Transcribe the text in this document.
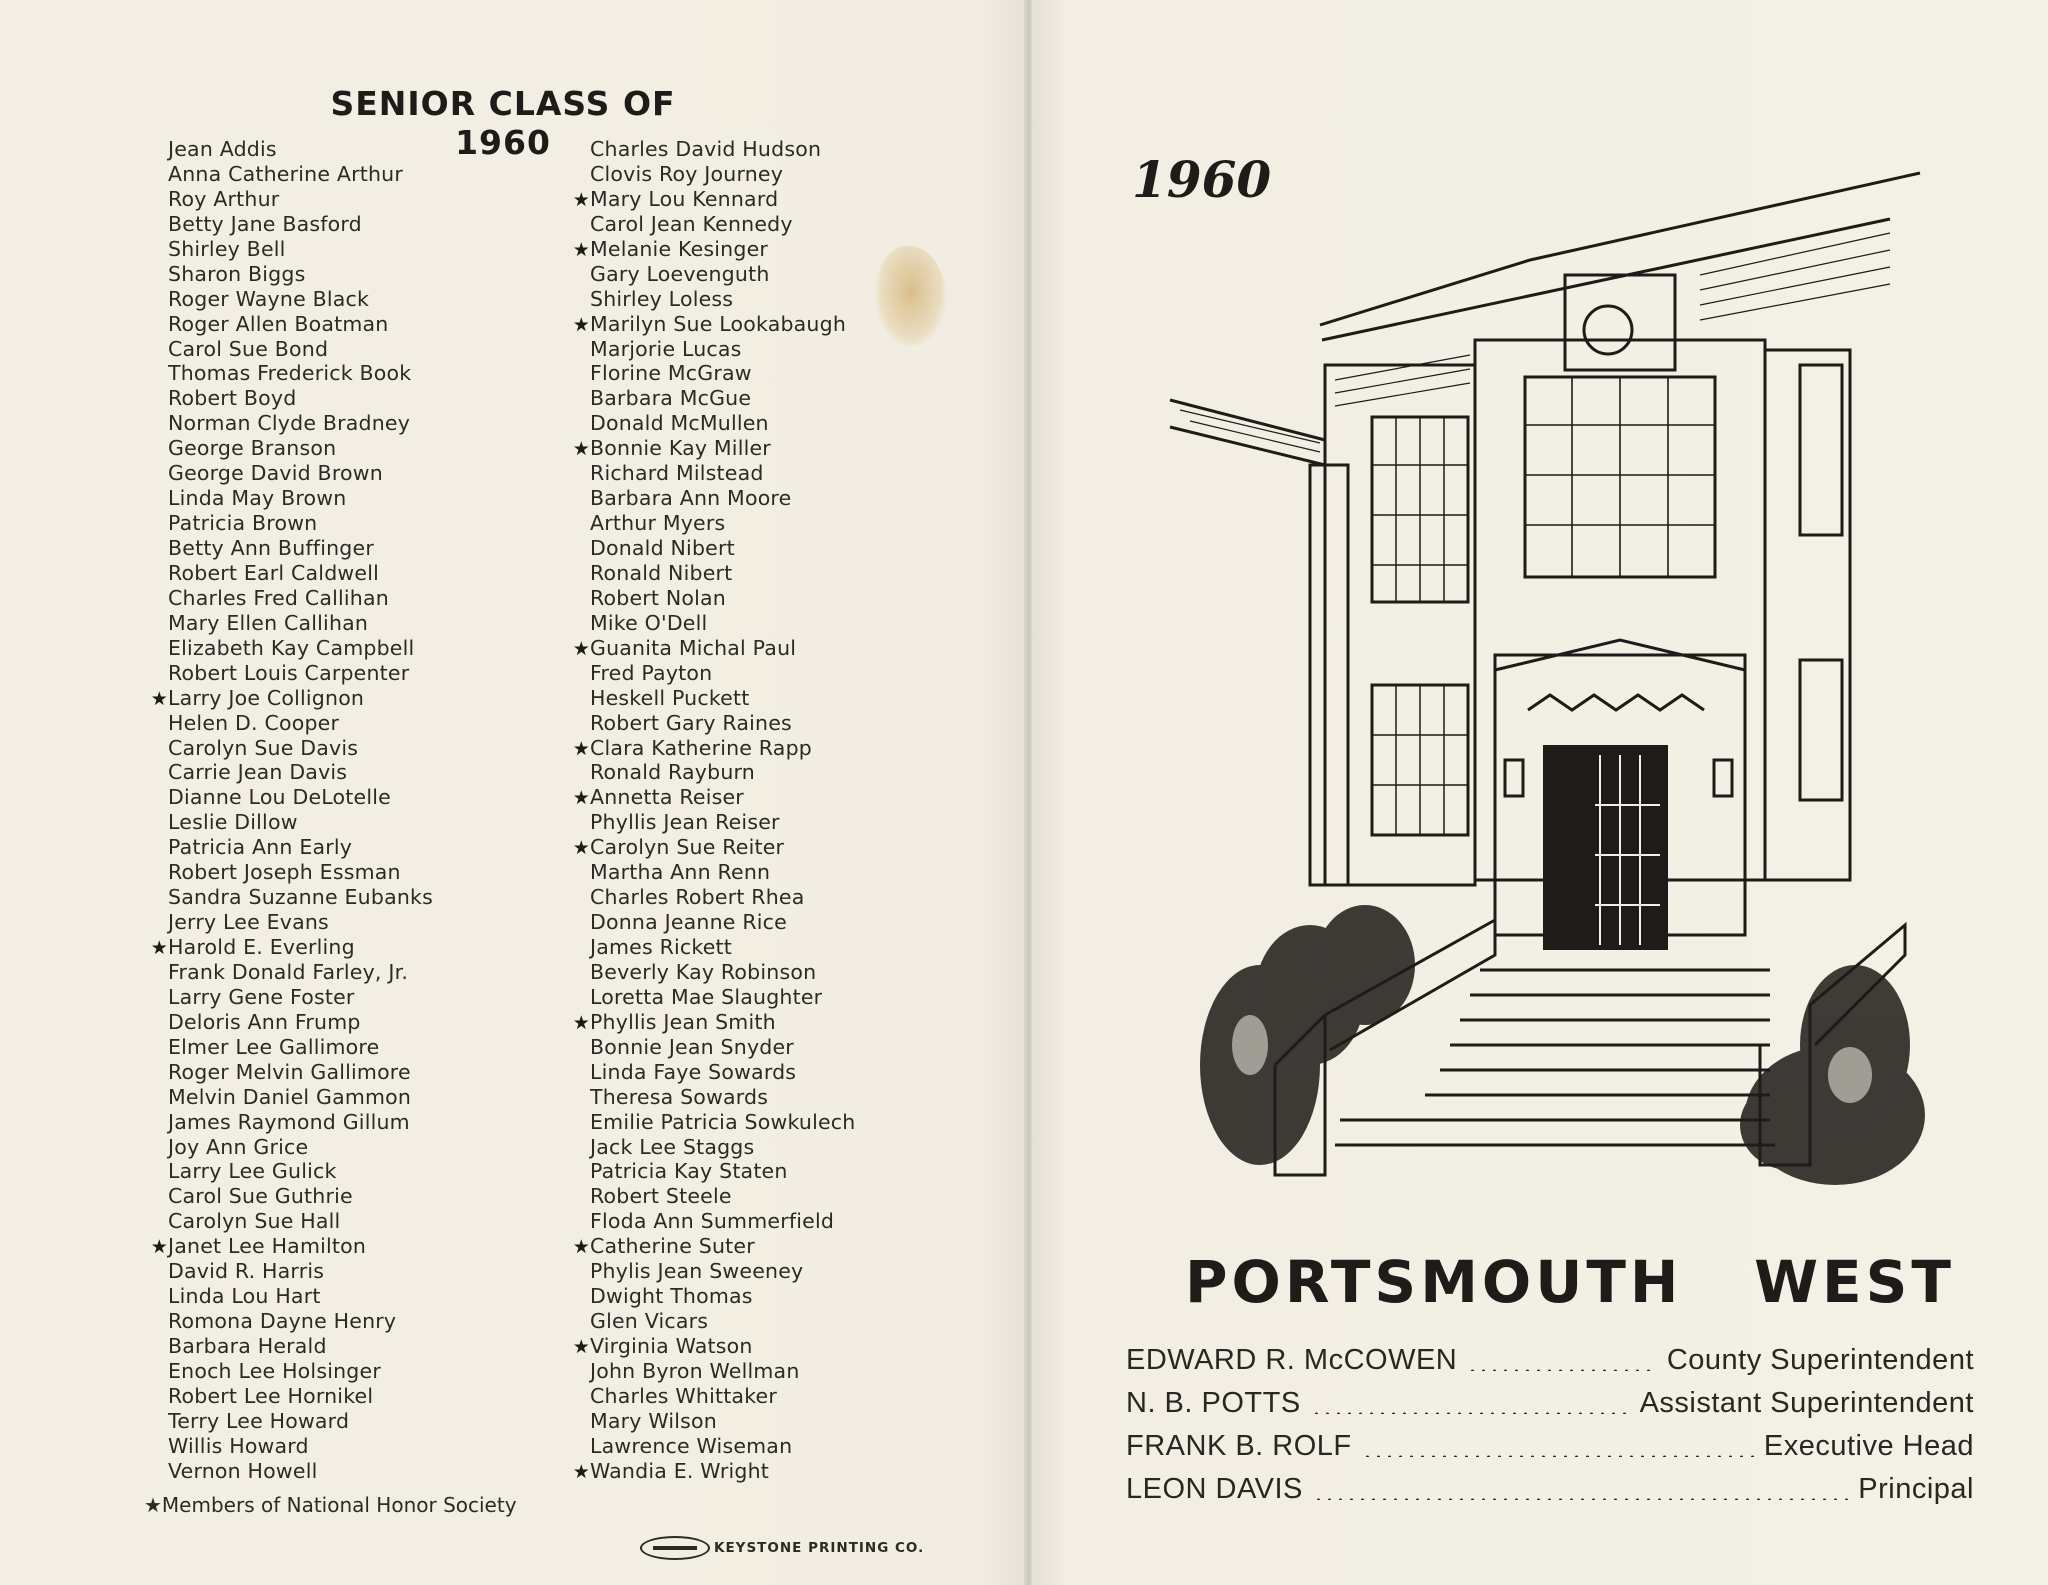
SENIOR CLASS OF 1960
Jean Addis
Anna Catherine Arthur
Roy Arthur
Betty Jane Basford
Shirley Bell
Sharon Biggs
Roger Wayne Black
Roger Allen Boatman
Carol Sue Bond
Thomas Frederick Book
Robert Boyd
Norman Clyde Bradney
George Branson
George David Brown
Linda May Brown
Patricia Brown
Betty Ann Buffinger
Robert Earl Caldwell
Charles Fred Callihan
Mary Ellen Callihan
Elizabeth Kay Campbell
Robert Louis Carpenter
★Larry Joe Collignon
Helen D. Cooper
Carolyn Sue Davis
Carrie Jean Davis
Dianne Lou DeLotelle
Leslie Dillow
Patricia Ann Early
Robert Joseph Essman
Sandra Suzanne Eubanks
Jerry Lee Evans
★Harold E. Everling
Frank Donald Farley, Jr.
Larry Gene Foster
Deloris Ann Frump
Elmer Lee Gallimore
Roger Melvin Gallimore
Melvin Daniel Gammon
James Raymond Gillum
Joy Ann Grice
Larry Lee Gulick
Carol Sue Guthrie
Carolyn Sue Hall
★Janet Lee Hamilton
David R. Harris
Linda Lou Hart
Romona Dayne Henry
Barbara Herald
Enoch Lee Holsinger
Robert Lee Hornikel
Terry Lee Howard
Willis Howard
Vernon Howell
Charles David Hudson
Clovis Roy Journey
★Mary Lou Kennard
Carol Jean Kennedy
★Melanie Kesinger
Gary Loevenguth
Shirley Loless
★Marilyn Sue Lookabaugh
Marjorie Lucas
Florine McGraw
Barbara McGue
Donald McMullen
★Bonnie Kay Miller
Richard Milstead
Barbara Ann Moore
Arthur Myers
Donald Nibert
Ronald Nibert
Robert Nolan
Mike O'Dell
★Guanita Michal Paul
Fred Payton
Heskell Puckett
Robert Gary Raines
★Clara Katherine Rapp
Ronald Rayburn
★Annetta Reiser
Phyllis Jean Reiser
★Carolyn Sue Reiter
Martha Ann Renn
Charles Robert Rhea
Donna Jeanne Rice
James Rickett
Beverly Kay Robinson
Loretta Mae Slaughter
★Phyllis Jean Smith
Bonnie Jean Snyder
Linda Faye Sowards
Theresa Sowards
Emilie Patricia Sowkulech
Jack Lee Staggs
Patricia Kay Staten
Robert Steele
Floda Ann Summerfield
★Catherine Suter
Phylis Jean Sweeney
Dwight Thomas
Glen Vicars
★Virginia Watson
John Byron Wellman
Charles Whittaker
Mary Wilson
Lawrence Wiseman
★Wandia E. Wright
★Members of National Honor Society
KEYSTONE PRINTING CO.
1960
PORTSMOUTH WEST
EDWARD R. McCOWEN	County Superintendent
N. B. POTTS	Assistant Superintendent
FRANK B. ROLF	Executive Head
LEON DAVIS	Principal
